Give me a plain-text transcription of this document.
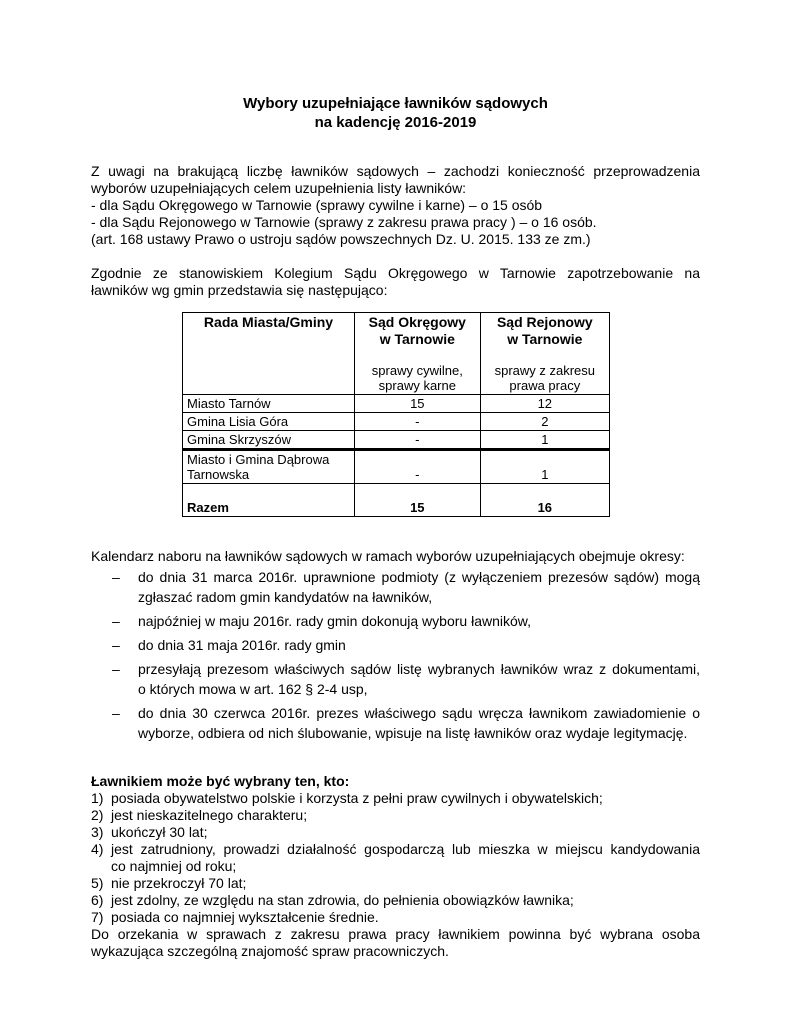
Wybory uzupełniające ławników sądowych
na kadencję 2016-2019
Z uwagi na brakującą liczbę ławników sądowych – zachodzi konieczność przeprowadzenia
wyborów uzupełniających celem uzupełnienia listy ławników:
- dla Sądu Okręgowego w Tarnowie (sprawy cywilne i karne) – o 15 osób
- dla Sądu Rejonowego w Tarnowie (sprawy z zakresu prawa pracy ) – o 16 osób.
(art. 168 ustawy Prawo o ustroju sądów powszechnych Dz. U. 2015. 133 ze zm.)
Zgodnie ze stanowiskiem Kolegium Sądu Okręgowego w Tarnowie zapotrzebowanie na
ławników wg gmin przedstawia się następująco:
Rada Miasta/Gminy	Sąd Okręgowy
w Tarnowie
sprawy cywilne,
sprawy karne	Sąd Rejonowy
w Tarnowie
sprawy z zakresu
prawa pracy

Miasto Tarnów	15	12
Gmina Lisia Góra	-	2
Gmina Skrzyszów	-	1
Miasto i Gmina Dąbrowa
Tarnowska	-	1
Razem	15	16
Kalendarz naboru na ławników sądowych w ramach wyborów uzupełniających obejmuje okresy:
– do dnia 31 marca 2016r. uprawnione podmioty (z wyłączeniem prezesów sądów) mogą
zgłaszać radom gmin kandydatów na ławników,
– najpóźniej w maju 2016r. rady gmin dokonują wyboru ławników,
– do dnia 31 maja 2016r. rady gmin
– przesyłają prezesom właściwych sądów listę wybranych ławników wraz z dokumentami,
o których mowa w art. 162 § 2-4 usp,
– do dnia 30 czerwca 2016r. prezes właściwego sądu wręcza ławnikom zawiadomienie o
wyborze, odbiera od nich ślubowanie, wpisuje na listę ławników oraz wydaje legitymację.
Ławnikiem może być wybrany ten, kto:
1) posiada obywatelstwo polskie i korzysta z pełni praw cywilnych i obywatelskich;
2) jest nieskazitelnego charakteru;
3) ukończył 30 lat;
4) jest zatrudniony, prowadzi działalność gospodarczą lub mieszka w miejscu kandydowania
co najmniej od roku;
5) nie przekroczył 70 lat;
6) jest zdolny, ze względu na stan zdrowia, do pełnienia obowiązków ławnika;
7) posiada co najmniej wykształcenie średnie.
Do orzekania w sprawach z zakresu prawa pracy ławnikiem powinna być wybrana osoba
wykazująca szczególną znajomość spraw pracowniczych.
